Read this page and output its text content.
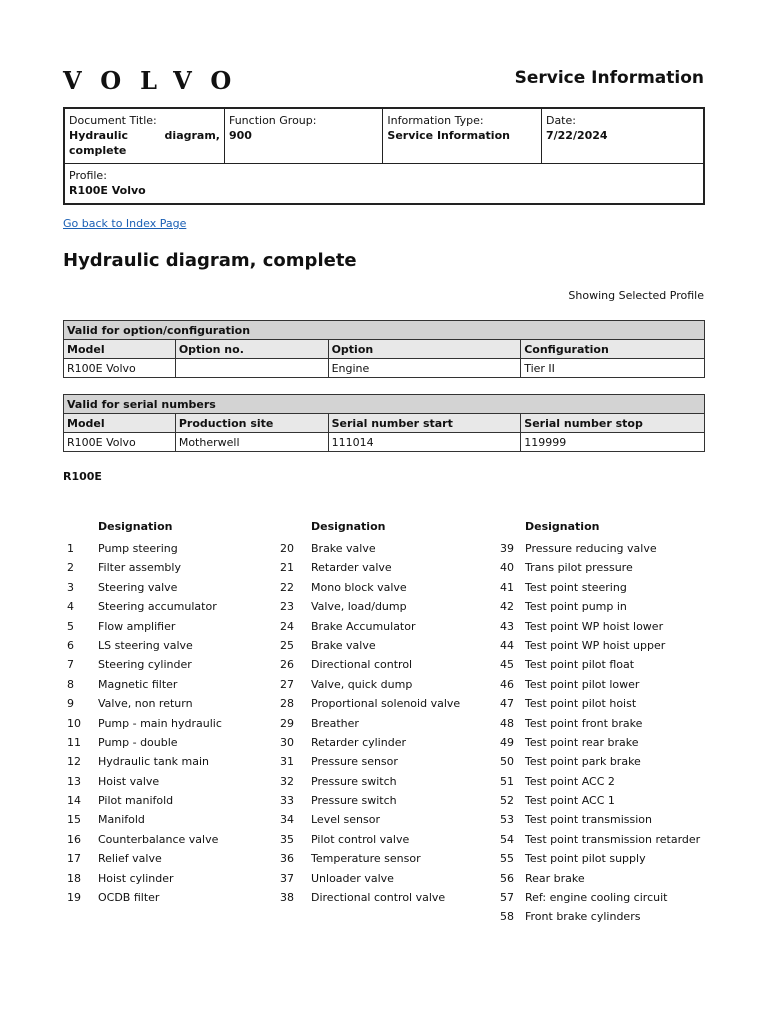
VOLVO	Service Information
Document Title:
Hydraulic diagram, complete

Function Group:
900

Information Type:
Service Information

Date:
7/22/2024

Profile:
R100E Volvo
Go back to Index Page
Hydraulic diagram, complete
Showing Selected Profile
Valid for option/configuration			
Model	Option no.	Option	Configuration
R100E Volvo		Engine	Tier II
Valid for serial numbers			
Model	Production site	Serial number start	Serial number stop
R100E Volvo	Motherwell	111014	119999
R100E
Designation
1	Pump steering
2	Filter assembly
3	Steering valve
4	Steering accumulator
5	Flow amplifier
6	LS steering valve
7	Steering cylinder
8	Magnetic filter
9	Valve, non return
10	Pump - main hydraulic
11	Pump - double
12	Hydraulic tank main
13	Hoist valve
14	Pilot manifold
15	Manifold
16	Counterbalance valve
17	Relief valve
18	Hoist cylinder
19	OCDB filter
Designation
20	Brake valve
21	Retarder valve
22	Mono block valve
23	Valve, load/dump
24	Brake Accumulator
25	Brake valve
26	Directional control
27	Valve, quick dump
28	Proportional solenoid valve
29	Breather
30	Retarder cylinder
31	Pressure sensor
32	Pressure switch
33	Pressure switch
34	Level sensor
35	Pilot control valve
36	Temperature sensor
37	Unloader valve
38	Directional control valve
Designation
39	Pressure reducing valve
40	Trans pilot pressure
41	Test point steering
42	Test point pump in
43	Test point WP hoist lower
44	Test point WP hoist upper
45	Test point pilot float
46	Test point pilot lower
47	Test point pilot hoist
48	Test point front brake
49	Test point rear brake
50	Test point park brake
51	Test point ACC 2
52	Test point ACC 1
53	Test point transmission
54	Test point transmission retarder
55	Test point pilot supply
56	Rear brake
57	Ref: engine cooling circuit
58	Front brake cylinders
